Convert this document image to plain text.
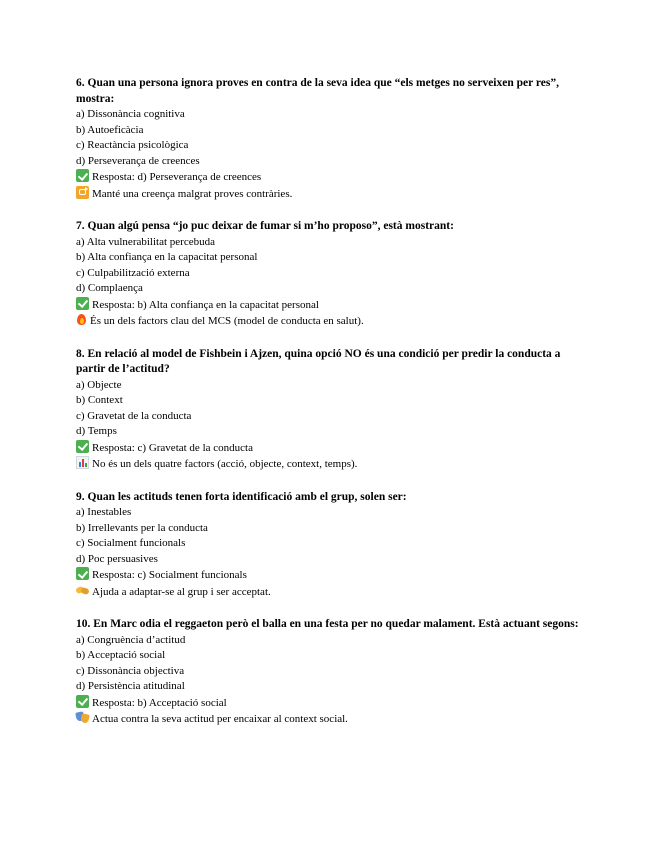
6. Quan una persona ignora proves en contra de la seva idea que “els metges no serveixen per res”, mostra:
a) Dissonància cognitiva
b) Autoeficàcia
c) Reactància psicològica
d) Perseverança de creences
Resposta: d) Perseverança de creences
Manté una creença malgrat proves contràries.
7. Quan algú pensa “jo puc deixar de fumar si m’ho proposo”, està mostrant:
a) Alta vulnerabilitat percebuda
b) Alta confiança en la capacitat personal
c) Culpabilització externa
d) Complaença
Resposta: b) Alta confiança en la capacitat personal
És un dels factors clau del MCS (model de conducta en salut).
8. En relació al model de Fishbein i Ajzen, quina opció NO és una condició per predir la conducta a partir de l’actitud?
a) Objecte
b) Context
c) Gravetat de la conducta
d) Temps
Resposta: c) Gravetat de la conducta
No és un dels quatre factors (acció, objecte, context, temps).
9. Quan les actituds tenen forta identificació amb el grup, solen ser:
a) Inestables
b) Irrellevants per la conducta
c) Socialment funcionals
d) Poc persuasives
Resposta: c) Socialment funcionals
Ajuda a adaptar-se al grup i ser acceptat.
10. En Marc odia el reggaeton però el balla en una festa per no quedar malament. Està actuant segons:
a) Congruència d’actitud
b) Acceptació social
c) Dissonància objectiva
d) Persistència atitudinal
Resposta: b) Acceptació social
Actua contra la seva actitud per encaixar al context social.
